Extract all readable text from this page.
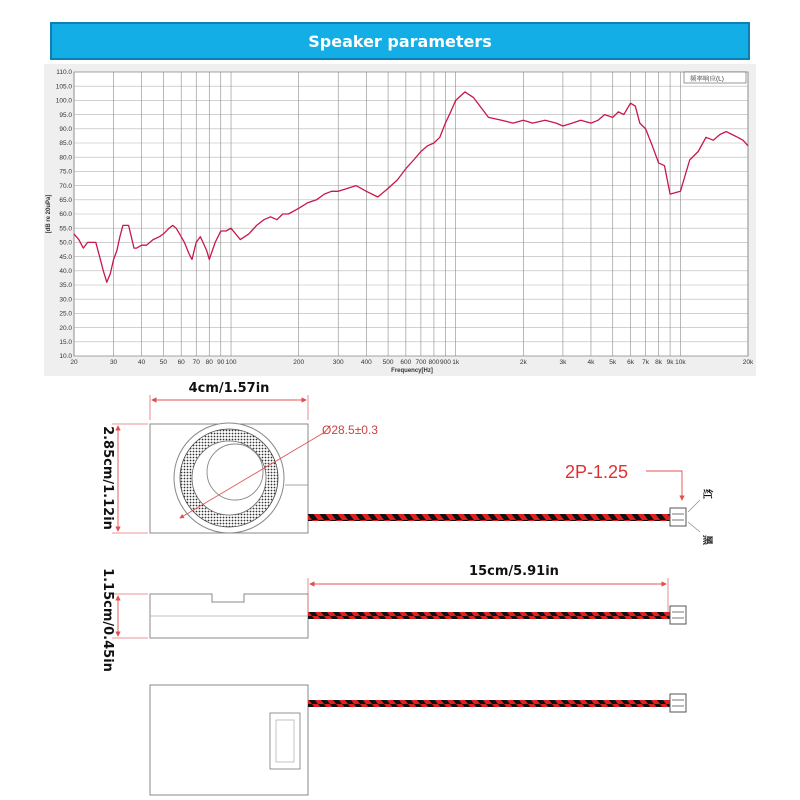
Speaker parameters
20	30	40 50 60 70 80 90 100	200	300	400 500 600 700 800 900 1k	2k	3k	4k 5k 6k 7k 8k 9k 10k	20k
10.0
15.0
20.0
25.0
30.0
35.0
40.0
45.0
50.0
55.0
60.0
65.0
70.0
75.0
80.0
85.0
90.0
95.0
100.0
105.0
110.0
频率响应(L)
Frequency[Hz]
[dB re 20uPa]
4cm/1.57in
2.85cm/1.12in	Ø28.5±0.3
2P-1.25
红
黑
1.15cm/0.45in	15cm/5.91in
